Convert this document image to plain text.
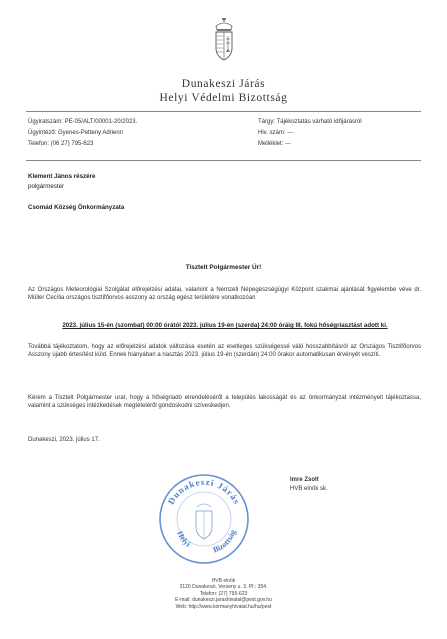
Dunakeszi Járás
Helyi Védelmi Bizottság
Ügyiratszám: PE-05/ALT/00001-20/2023.
Ügyintéző: Gyenes-Petteny Adrienn
Telefon: (06 27) 795-623
Tárgy: Tájékoztatás várható időjárásról
Hiv. szám: ---
Melléklet: ---
Klement János részére
polgármester
Csomád Község Önkormányzata
Tisztelt Polgármester Úr!
Az Országos Meteorológiai Szolgálat előrejelzési adatai, valamint a Nemzeti Népegészségügyi Központ szakmai ajánlását figyelembe véve dr. Müller Cecília országos tisztifőorvos asszony az ország egész területére vonatkozóan
2023. július 15-én (szombat) 00:00 órától 2023. július 19-én (szerda) 24:00 óráig III. fokú hőségriasztást adott ki.
Továbbá tájékoztatom, hogy az előrejelzési adatok változása esetén az esetleges szükségessé váló hosszabbításról az Országos Tisztifőorvos Asszony újabb értesítést küld. Ennek hiányában a riasztás 2023. július 19-én (szerdán) 24:00 órakor automatikusan érvényét veszíti.
Kérem a Tisztelt Polgármester urat, hogy a hőségriadó elrendeléséről a település lakosságát és az önkormányzat intézményeit tájékoztassa, valamint a szükséges intézkedések megtételéről gondoskodni szíveskedjen.
Dunakeszi, 2023. július 17.
Dunakeszi Járás
Helyi Bizottság
Imre Zsolt
HVB elnök sk.
HVB elnök
2120 Dunakeszi, Verseny u. 3. Pf.: 354.
Telefon: (27) 795-623
E-mail: dunakeszi.jarashivatal@pest.gov.hu
Web: http://www.kormanyhivatal.hu/hu/pest
